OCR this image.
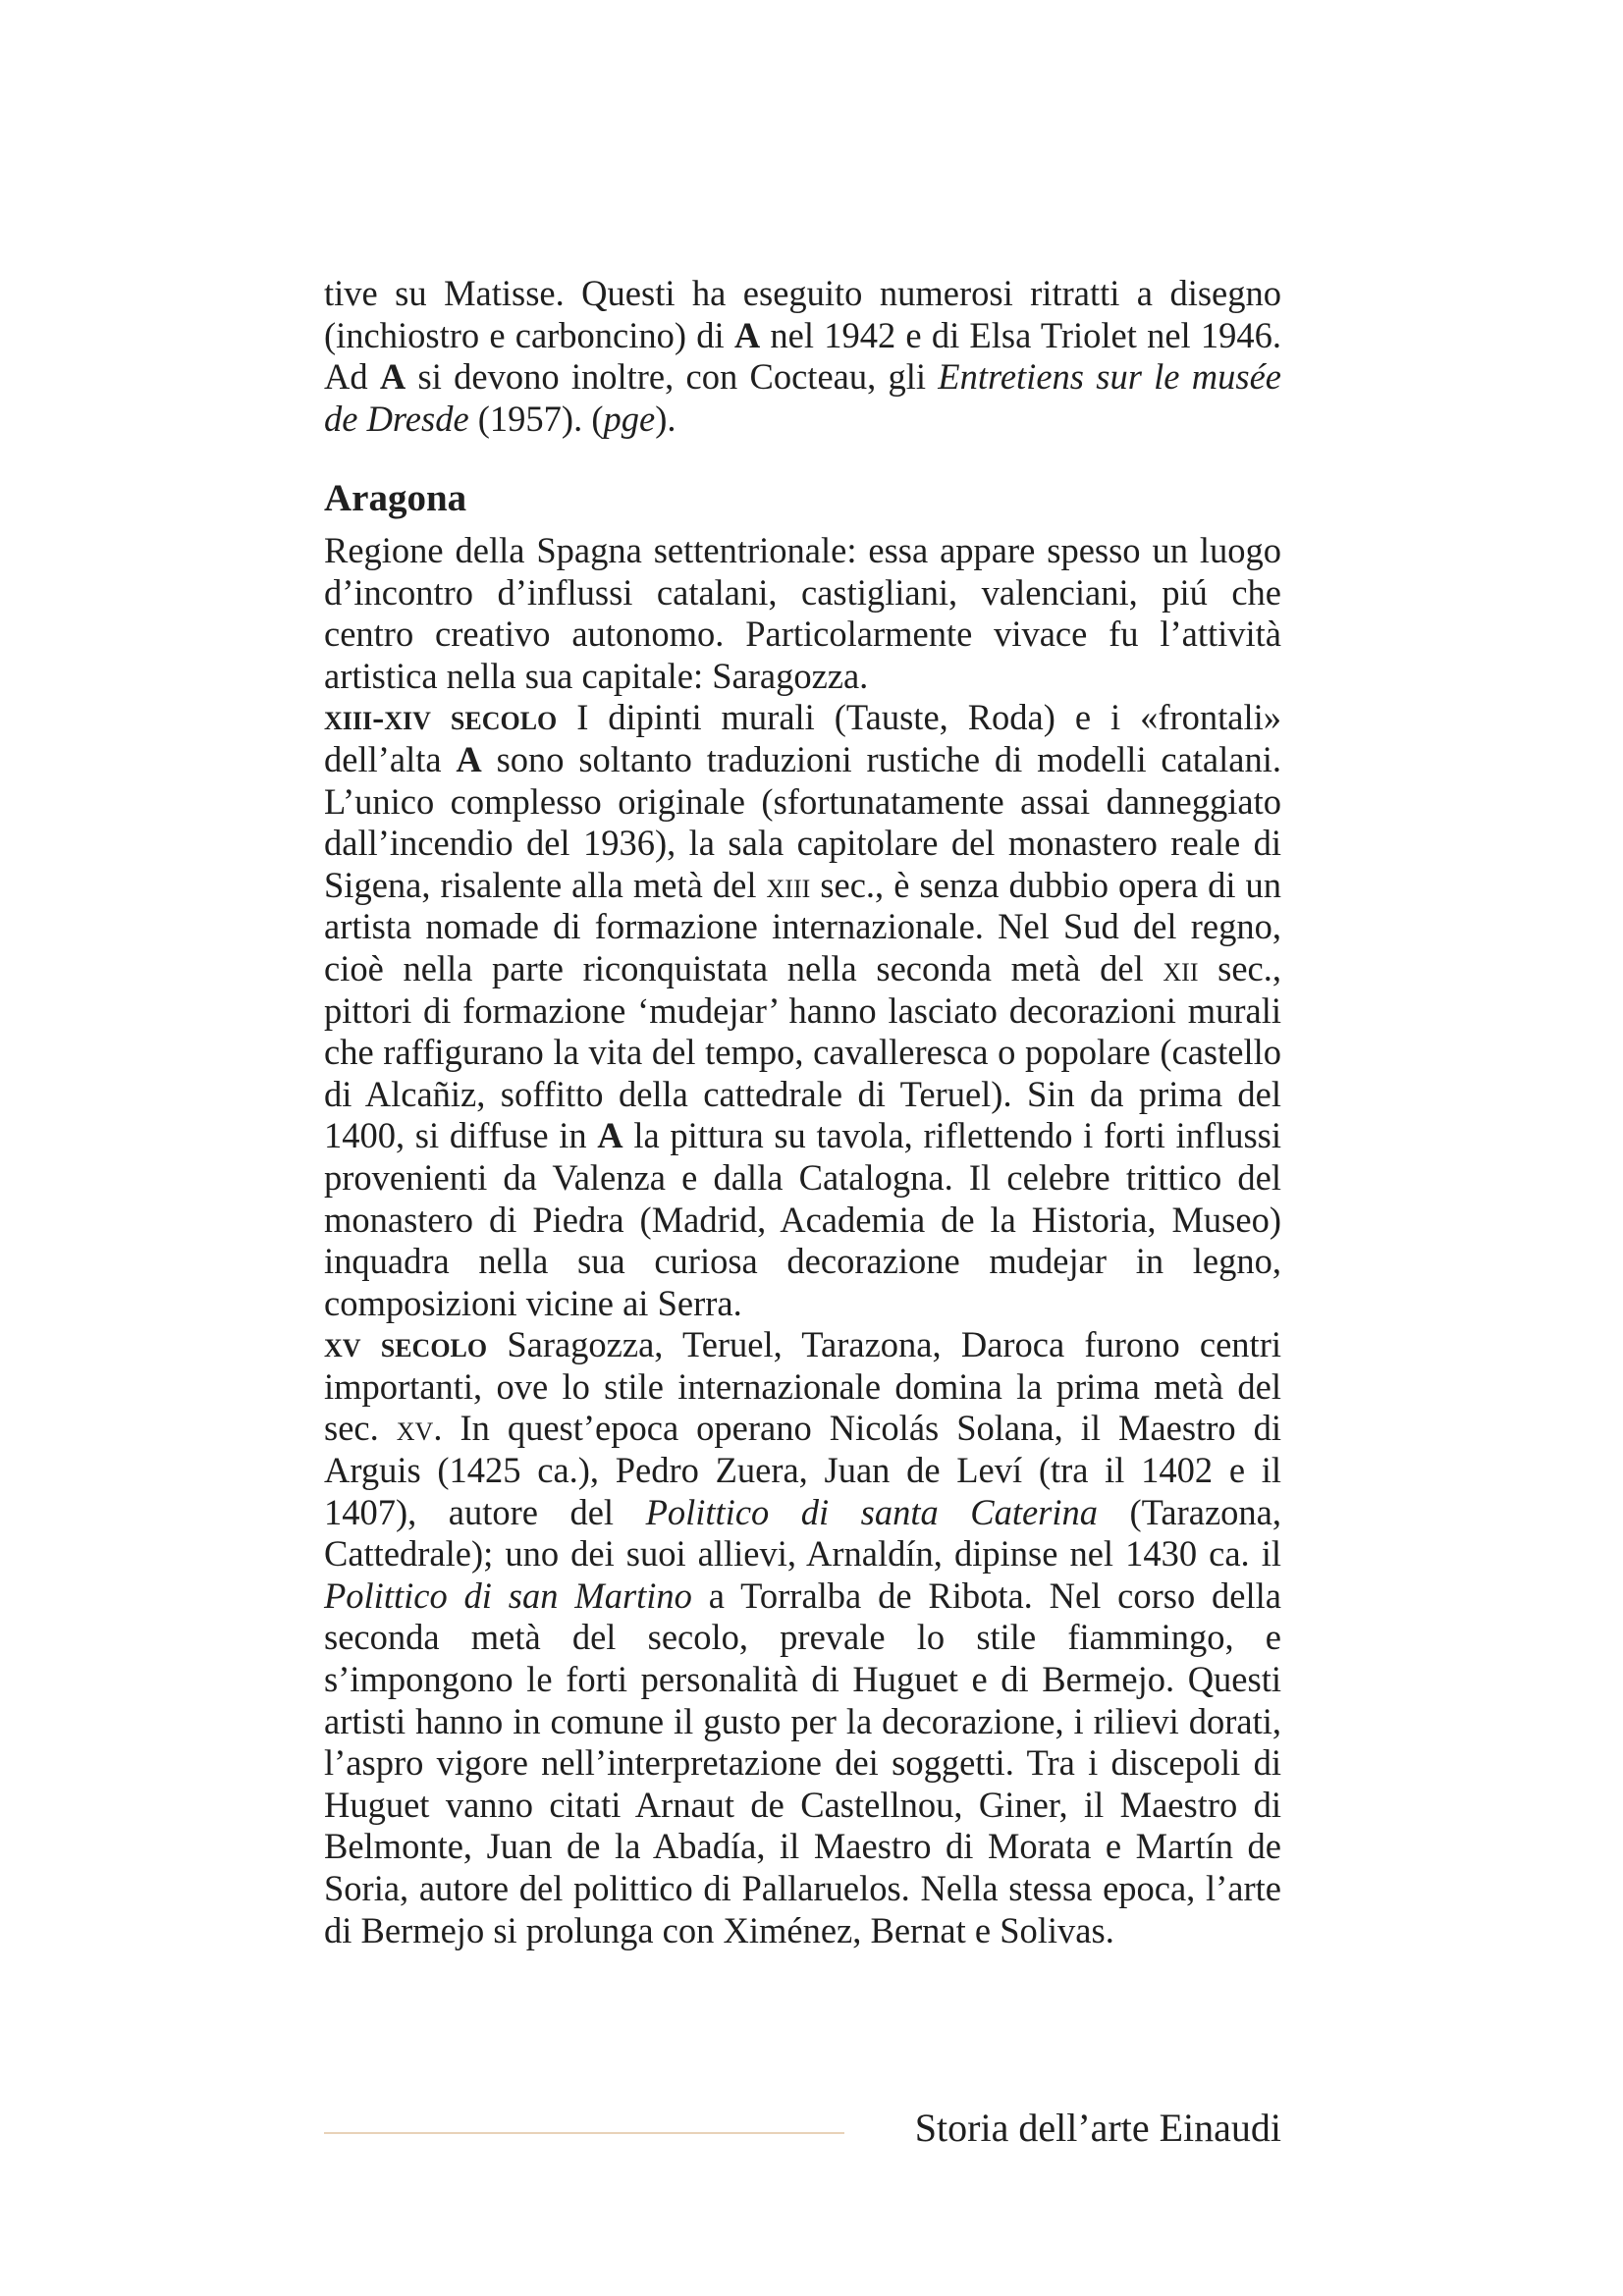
tive su Matisse. Questi ha eseguito numerosi ritratti a disegno (inchiostro e carboncino) di A nel 1942 e di Elsa Triolet nel 1946. Ad A si devono inoltre, con Cocteau, gli Entretiens sur le musée de Dresde (1957). (pge).
Aragona

Regione della Spagna settentrionale: essa appare spesso un luogo d’incontro d’influssi catalani, castigliani, valenciani, piú che centro creativo autonomo. Particolarmente vivace fu l’attività artistica nella sua capitale: Saragozza.

xiii-xiv secolo I dipinti murali (Tauste, Roda) e i «frontali» dell’alta A sono soltanto traduzioni rustiche di modelli catalani. L’unico complesso originale (sfortunatamente assai danneggiato dall’incendio del 1936), la sala capitolare del monastero reale di Sigena, risalente alla metà del xiii sec., è senza dubbio opera di un artista nomade di formazione internazionale. Nel Sud del regno, cioè nella parte riconquistata nella seconda metà del xii sec., pittori di formazione ‘mudejar’ hanno lasciato decorazioni murali che raffigurano la vita del tempo, cavalleresca o popolare (castello di Alcañiz, soffitto della cattedrale di Teruel). Sin da prima del 1400, si diffuse in A la pittura su tavola, riflettendo i forti influssi provenienti da Valenza e dalla Catalogna. Il celebre trittico del monastero di Piedra (Madrid, Academia de la Historia, Museo) inquadra nella sua curiosa decorazione mudejar in legno, composizioni vicine ai Serra.

xv secolo Saragozza, Teruel, Tarazona, Daroca furono centri importanti, ove lo stile internazionale domina la prima metà del sec. xv. In quest’epoca operano Nicolás Solana, il Maestro di Arguis (1425 ca.), Pedro Zuera, Juan de Leví (tra il 1402 e il 1407), autore del Polittico di santa Caterina (Tarazona, Cattedrale); uno dei suoi allievi, Arnaldín, dipinse nel 1430 ca. il Polittico di san Martino a Torralba de Ribota. Nel corso della seconda metà del secolo, prevale lo stile fiammingo, e s’impongono le forti personalità di Huguet e di Bermejo. Questi artisti hanno in comune il gusto per la decorazione, i rilievi dorati, l’aspro vigore nell’interpretazione dei soggetti. Tra i discepoli di Huguet vanno citati Arnaut de Castellnou, Giner, il Maestro di Belmonte, Juan de la Abadía, il Maestro di Morata e Martín de Soria, autore del polittico di Pallaruelos. Nella stessa epoca, l’arte di Bermejo si prolunga con Ximénez, Bernat e Solivas.

Storia dell’arte Einaudi
